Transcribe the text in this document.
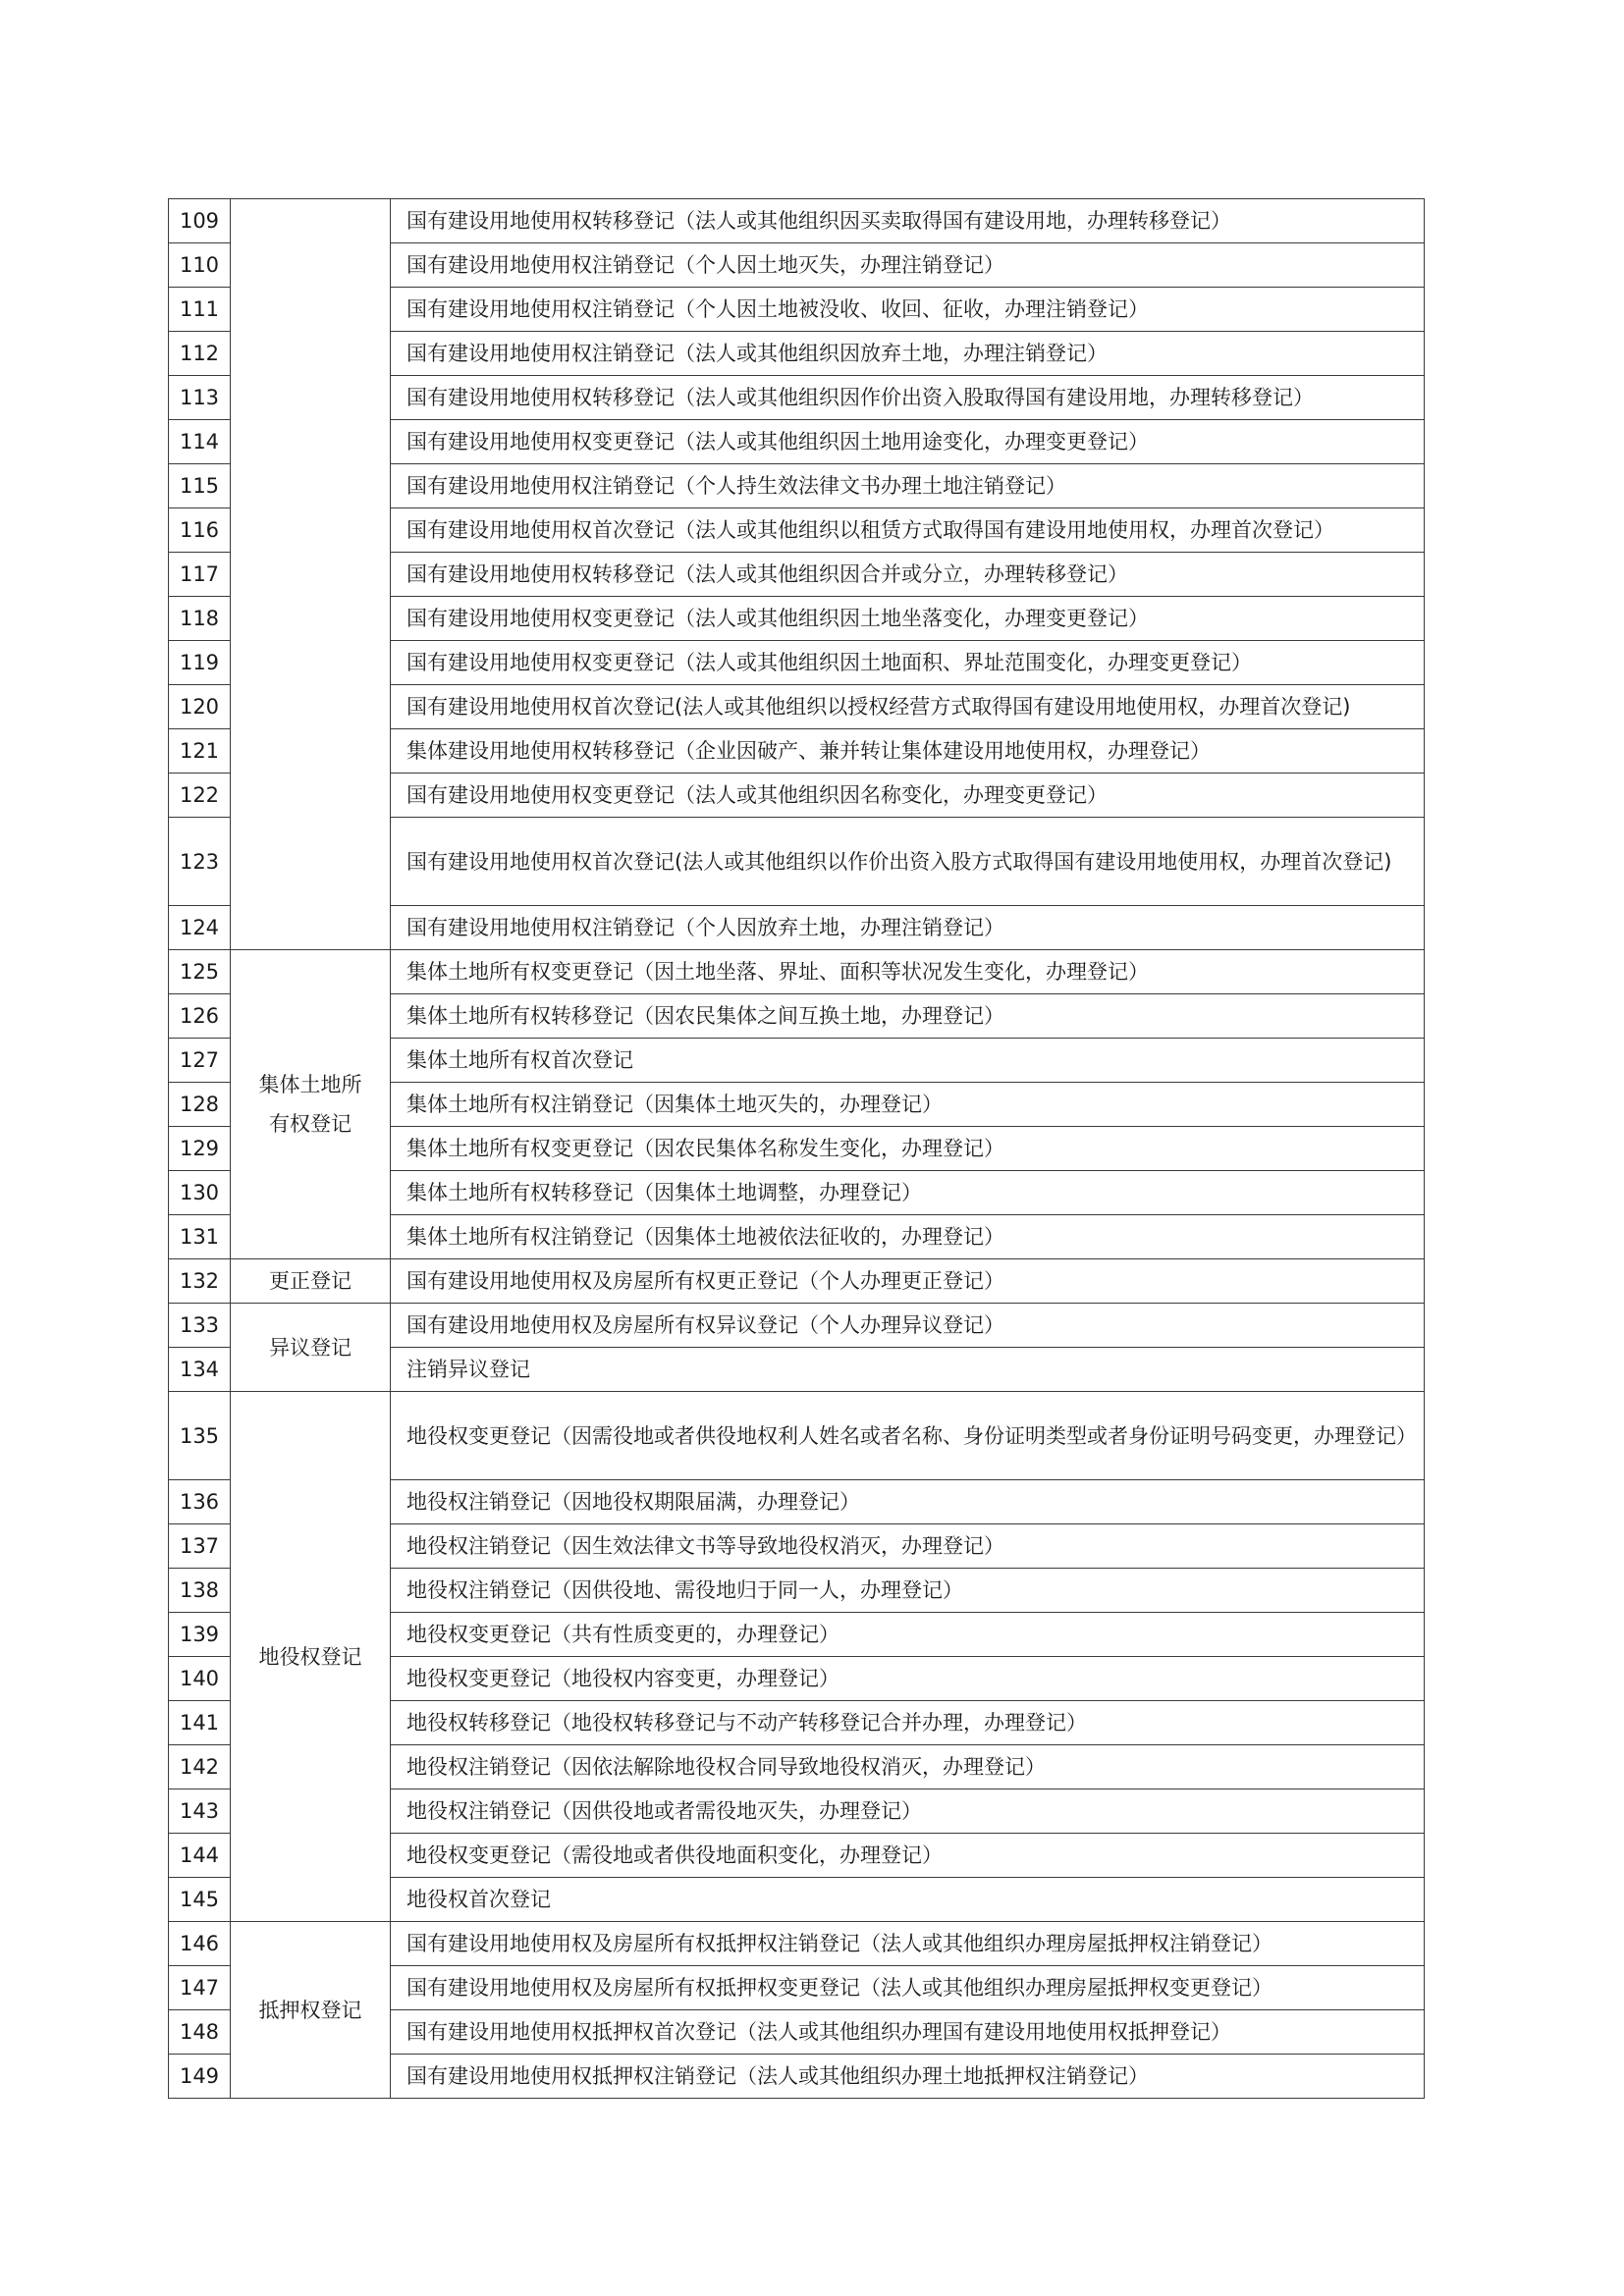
109		国有建设用地使用权转移登记（法人或其他组织因买卖取得国有建设用地，办理转移登记）
110		国有建设用地使用权注销登记（个人因土地灭失，办理注销登记）
111		国有建设用地使用权注销登记（个人因土地被没收、收回、征收，办理注销登记）
112		国有建设用地使用权注销登记（法人或其他组织因放弃土地，办理注销登记）
113		国有建设用地使用权转移登记（法人或其他组织因作价出资入股取得国有建设用地，办理转移登记）
114		国有建设用地使用权变更登记（法人或其他组织因土地用途变化，办理变更登记）
115		国有建设用地使用权注销登记（个人持生效法律文书办理土地注销登记）
116		国有建设用地使用权首次登记（法人或其他组织以租赁方式取得国有建设用地使用权，办理首次登记）
117		国有建设用地使用权转移登记（法人或其他组织因合并或分立，办理转移登记）
118		国有建设用地使用权变更登记（法人或其他组织因土地坐落变化，办理变更登记）
119		国有建设用地使用权变更登记（法人或其他组织因土地面积、界址范围变化，办理变更登记）
120		国有建设用地使用权首次登记(法人或其他组织以授权经营方式取得国有建设用地使用权，办理首次登记)
121		集体建设用地使用权转移登记（企业因破产、兼并转让集体建设用地使用权，办理登记）
122		国有建设用地使用权变更登记（法人或其他组织因名称变化，办理变更登记）
123		国有建设用地使用权首次登记(法人或其他组织以作价出资入股方式取得国有建设用地使用权，办理首次登记)
124		国有建设用地使用权注销登记（个人因放弃土地，办理注销登记）
125	集体土地所有权登记	集体土地所有权变更登记（因土地坐落、界址、面积等状况发生变化，办理登记）
126		集体土地所有权转移登记（因农民集体之间互换土地，办理登记）
127		集体土地所有权首次登记
128		集体土地所有权注销登记（因集体土地灭失的，办理登记）
129		集体土地所有权变更登记（因农民集体名称发生变化，办理登记）
130		集体土地所有权转移登记（因集体土地调整，办理登记）
131		集体土地所有权注销登记（因集体土地被依法征收的，办理登记）
132	更正登记	国有建设用地使用权及房屋所有权更正登记（个人办理更正登记）
133	异议登记	国有建设用地使用权及房屋所有权异议登记（个人办理异议登记）
134		注销异议登记
135	地役权登记	地役权变更登记（因需役地或者供役地权利人姓名或者名称、身份证明类型或者身份证明号码变更，办理登记）
136		地役权注销登记（因地役权期限届满，办理登记）
137		地役权注销登记（因生效法律文书等导致地役权消灭，办理登记）
138		地役权注销登记（因供役地、需役地归于同一人，办理登记）
139		地役权变更登记（共有性质变更的，办理登记）
140		地役权变更登记（地役权内容变更，办理登记）
141		地役权转移登记（地役权转移登记与不动产转移登记合并办理，办理登记）
142		地役权注销登记（因依法解除地役权合同导致地役权消灭，办理登记）
143		地役权注销登记（因供役地或者需役地灭失，办理登记）
144		地役权变更登记（需役地或者供役地面积变化，办理登记）
145		地役权首次登记
146	抵押权登记	国有建设用地使用权及房屋所有权抵押权注销登记（法人或其他组织办理房屋抵押权注销登记）
147		国有建设用地使用权及房屋所有权抵押权变更登记（法人或其他组织办理房屋抵押权变更登记）
148		国有建设用地使用权抵押权首次登记（法人或其他组织办理国有建设用地使用权抵押登记）
149		国有建设用地使用权抵押权注销登记（法人或其他组织办理土地抵押权注销登记）
